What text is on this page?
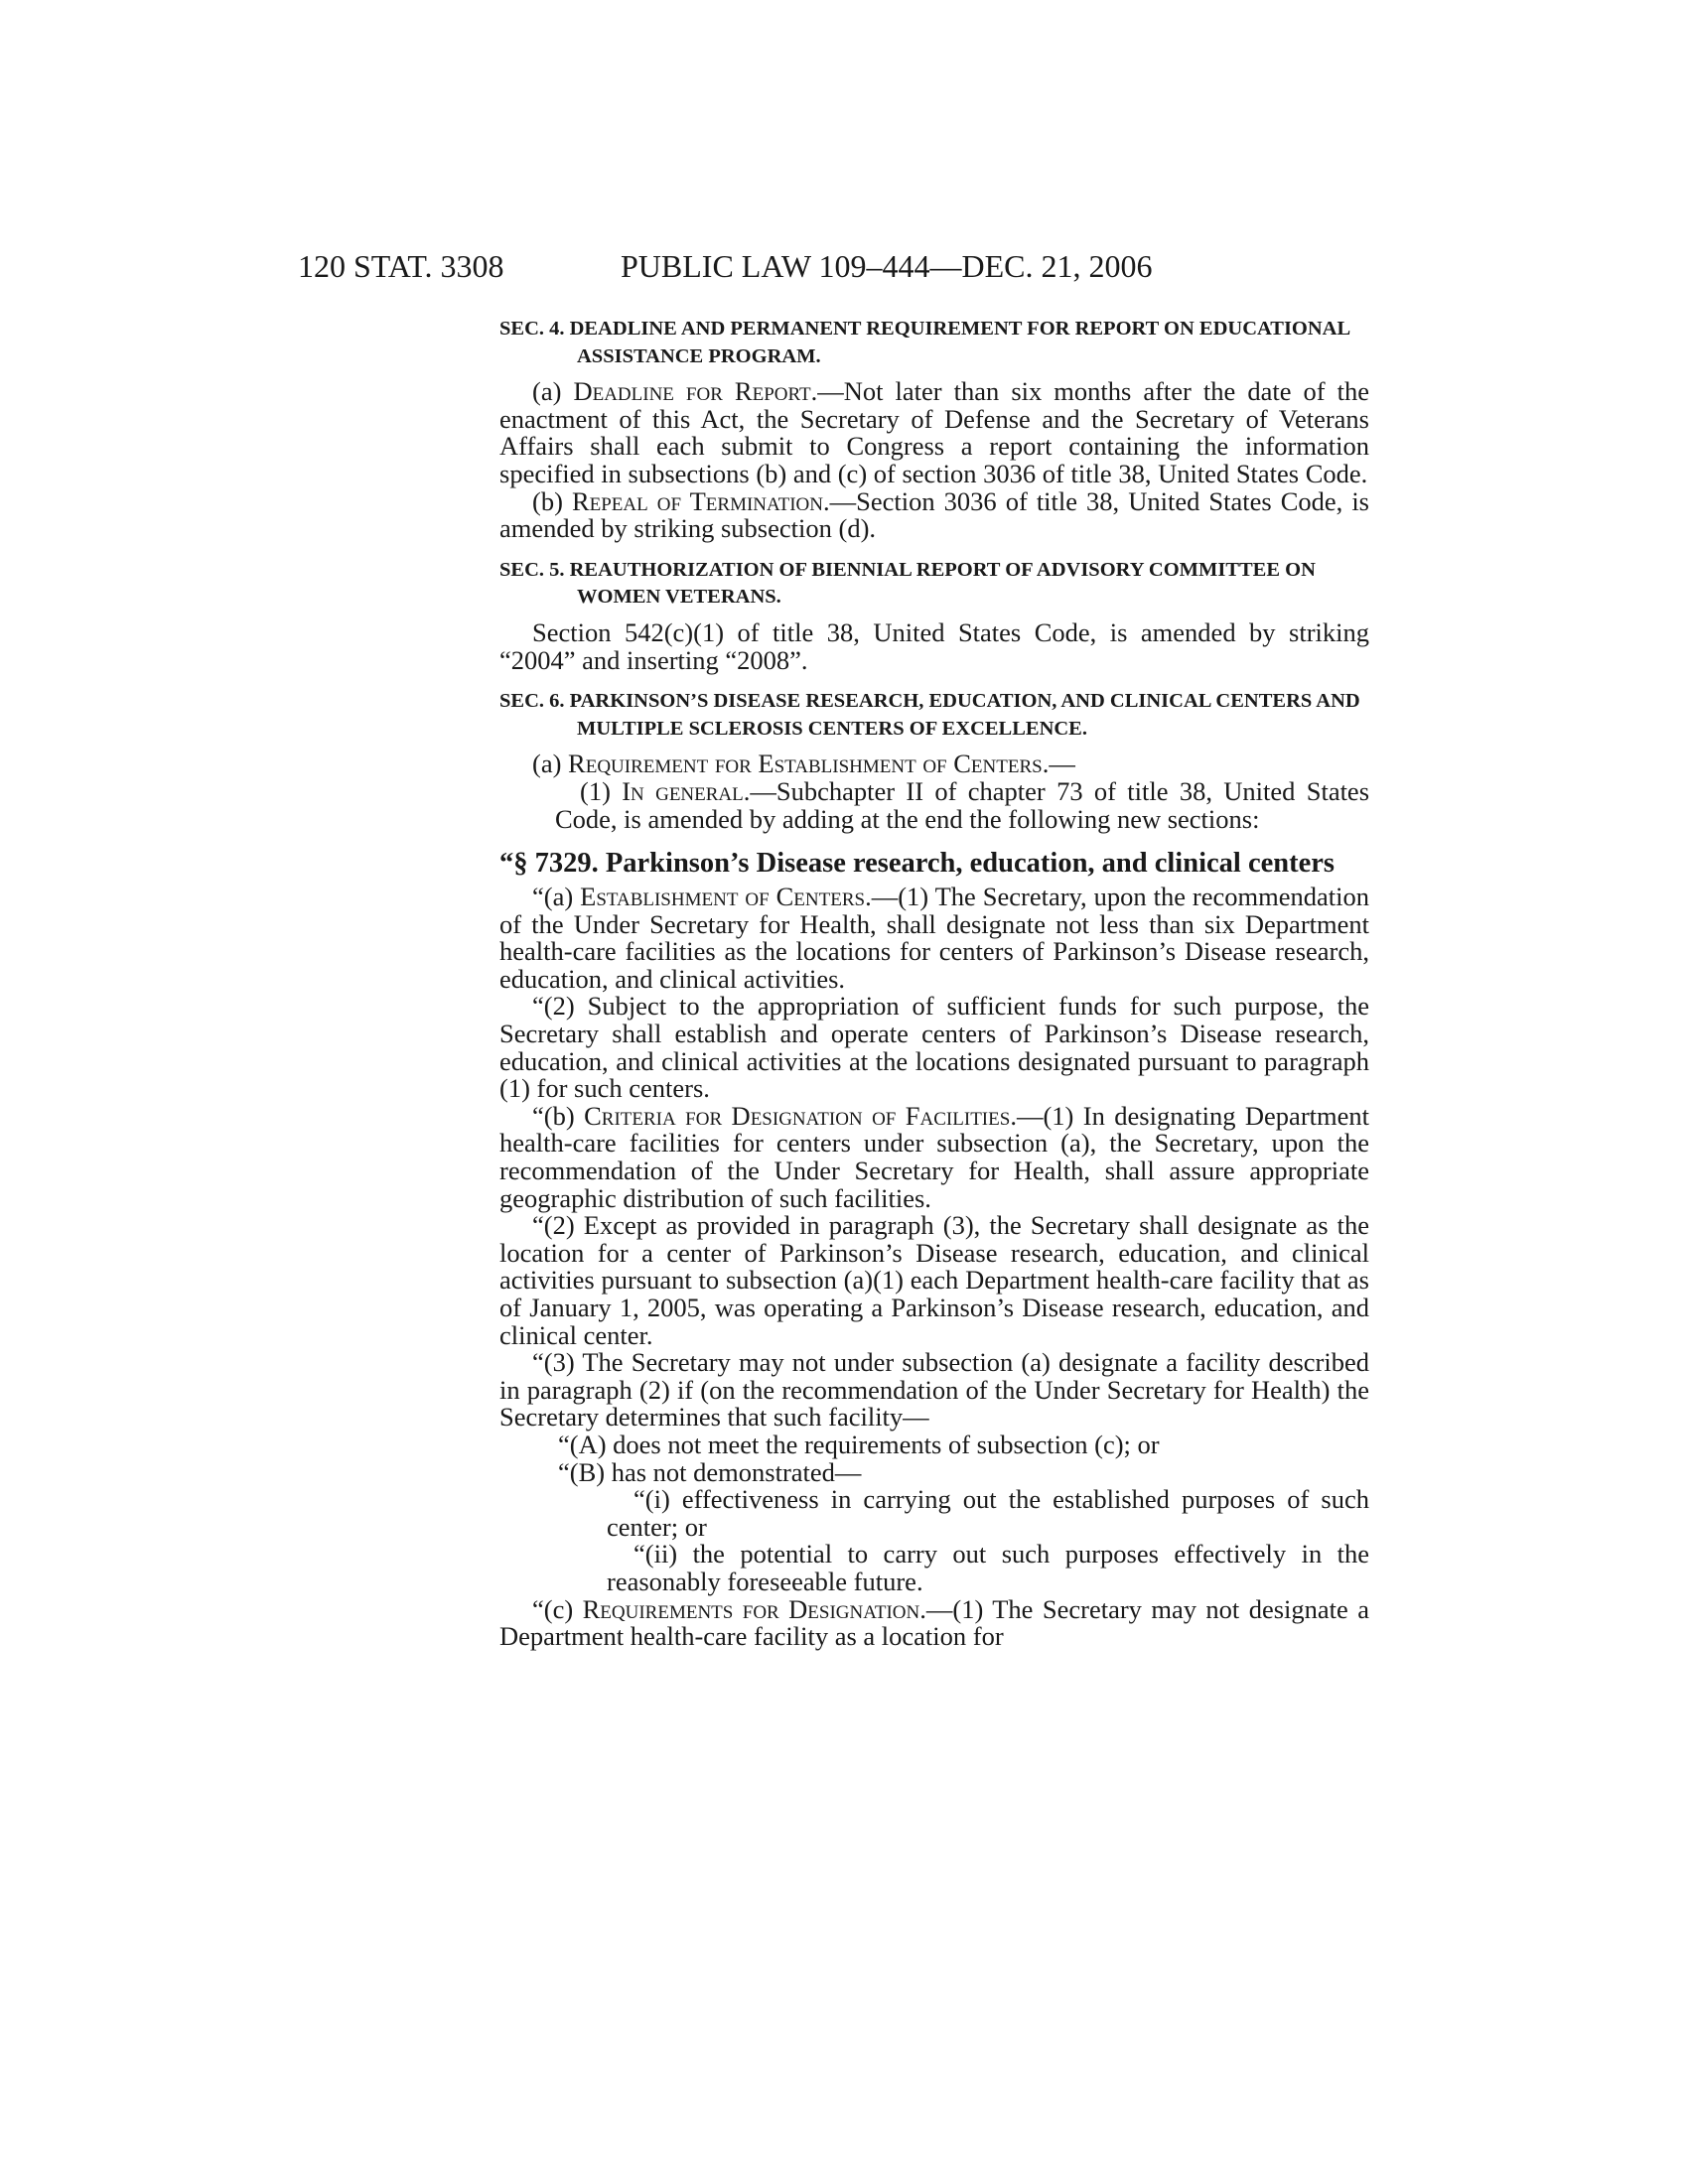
120 STAT. 3308	PUBLIC LAW 109–444—DEC. 21, 2006

SEC. 4. DEADLINE AND PERMANENT REQUIREMENT FOR REPORT ON EDUCATIONAL ASSISTANCE PROGRAM.

(a) Deadline for Report.—Not later than six months after the date of the enactment of this Act, the Secretary of Defense and the Secretary of Veterans Affairs shall each submit to Congress a report containing the information specified in subsections (b) and (c) of section 3036 of title 38, United States Code.

(b) Repeal of Termination.—Section 3036 of title 38, United States Code, is amended by striking subsection (d).

SEC. 5. REAUTHORIZATION OF BIENNIAL REPORT OF ADVISORY COMMITTEE ON WOMEN VETERANS.

Section 542(c)(1) of title 38, United States Code, is amended by striking “2004” and inserting “2008”.

SEC. 6. PARKINSON’S DISEASE RESEARCH, EDUCATION, AND CLINICAL CENTERS AND MULTIPLE SCLEROSIS CENTERS OF EXCELLENCE.

(a) Requirement for Establishment of Centers.—

(1) In general.—Subchapter II of chapter 73 of title 38, United States Code, is amended by adding at the end the following new sections:

“§ 7329. Parkinson’s Disease research, education, and clinical centers

“(a) Establishment of Centers.—(1) The Secretary, upon the recommendation of the Under Secretary for Health, shall designate not less than six Department health-care facilities as the locations for centers of Parkinson’s Disease research, education, and clinical activities.

“(2) Subject to the appropriation of sufficient funds for such purpose, the Secretary shall establish and operate centers of Parkinson’s Disease research, education, and clinical activities at the locations designated pursuant to paragraph (1) for such centers.

“(b) Criteria for Designation of Facilities.—(1) In designating Department health-care facilities for centers under subsection (a), the Secretary, upon the recommendation of the Under Secretary for Health, shall assure appropriate geographic distribution of such facilities.

“(2) Except as provided in paragraph (3), the Secretary shall designate as the location for a center of Parkinson’s Disease research, education, and clinical activities pursuant to subsection (a)(1) each Department health-care facility that as of January 1, 2005, was operating a Parkinson’s Disease research, education, and clinical center.

“(3) The Secretary may not under subsection (a) designate a facility described in paragraph (2) if (on the recommendation of the Under Secretary for Health) the Secretary determines that such facility—

“(A) does not meet the requirements of subsection (c); or

“(B) has not demonstrated—

“(i) effectiveness in carrying out the established purposes of such center; or

“(ii) the potential to carry out such purposes effectively in the reasonably foreseeable future.

“(c) Requirements for Designation.—(1) The Secretary may not designate a Department health-care facility as a location for
